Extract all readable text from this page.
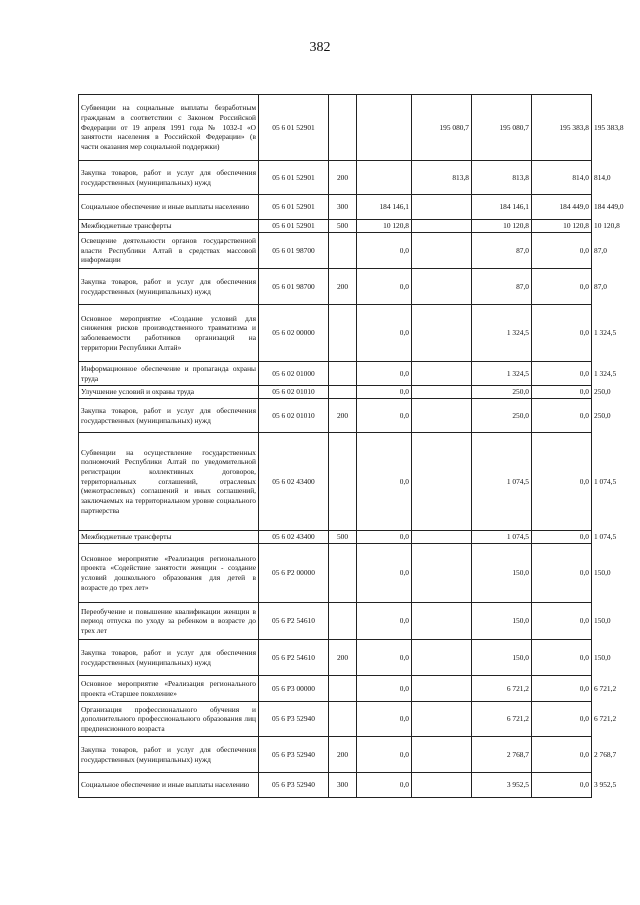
382
Субвенции на социальные выплаты безработным гражданам в соответствии с Законом Российской Федерации от 19 апреля 1991 года № 1032-I «О занятости населения в Российской Федерации» (в части оказания мер социальной поддержки)	05 6 01 52901			195 080,7	195 080,7	195 383,8	195 383,8
Закупка товаров, работ и услуг для обеспечения государственных (муниципальных) нужд	05 6 01 52901	200		813,8	813,8	814,0	814,0
Социальное обеспечение и иные выплаты населению	05 6 01 52901	300	184 146,1		184 146,1	184 449,0	184 449,0
Межбюджетные трансферты	05 6 01 52901	500	10 120,8		10 120,8	10 120,8	10 120,8
Освещение деятельности органов государственной власти Республики Алтай в средствах массовой информации	05 6 01 98700		0,0		87,0	0,0	87,0
Закупка товаров, работ и услуг для обеспечения государственных (муниципальных) нужд	05 6 01 98700	200	0,0		87,0	0,0	87,0
Основное мероприятие «Создание условий для снижения рисков производственного травматизма и заболеваемости работников организаций на территории Республики Алтай»	05 6 02 00000		0,0		1 324,5	0,0	1 324,5
Информационное обеспечение и пропаганда охраны труда	05 6 02 01000		0,0		1 324,5	0,0	1 324,5
Улучшение условий и охраны труда	05 6 02 01010		0,0		250,0	0,0	250,0
Закупка товаров, работ и услуг для обеспечения государственных (муниципальных) нужд	05 6 02 01010	200	0,0		250,0	0,0	250,0
Субвенции на осуществление государственных полномочий Республики Алтай по уведомительной регистрации коллективных договоров, территориальных соглашений, отраслевых (межотраслевых) соглашений и иных соглашений, заключаемых на территориальном уровне социального партнерства	05 6 02 43400		0,0		1 074,5	0,0	1 074,5
Межбюджетные трансферты	05 6 02 43400	500	0,0		1 074,5	0,0	1 074,5
Основное мероприятие «Реализация регионального проекта «Содействие занятости женщин - создание условий дошкольного образования для детей в возрасте до трех лет»	05 6 P2 00000		0,0		150,0	0,0	150,0
Переобучение и повышение квалификации женщин в период отпуска по уходу за ребенком в возрасте до трех лет	05 6 P2 54610		0,0		150,0	0,0	150,0
Закупка товаров, работ и услуг для обеспечения государственных (муниципальных) нужд	05 6 P2 54610	200	0,0		150,0	0,0	150,0
Основное мероприятие «Реализация регионального проекта «Старшее поколение»	05 6 P3 00000		0,0		6 721,2	0,0	6 721,2
Организация профессионального обучения и дополнительного профессионального образования лиц предпенсионного возраста	05 6 P3 52940		0,0		6 721,2	0,0	6 721,2
Закупка товаров, работ и услуг для обеспечения государственных (муниципальных) нужд	05 6 P3 52940	200	0,0		2 768,7	0,0	2 768,7
Социальное обеспечение и иные выплаты населению	05 6 P3 52940	300	0,0		3 952,5	0,0	3 952,5
